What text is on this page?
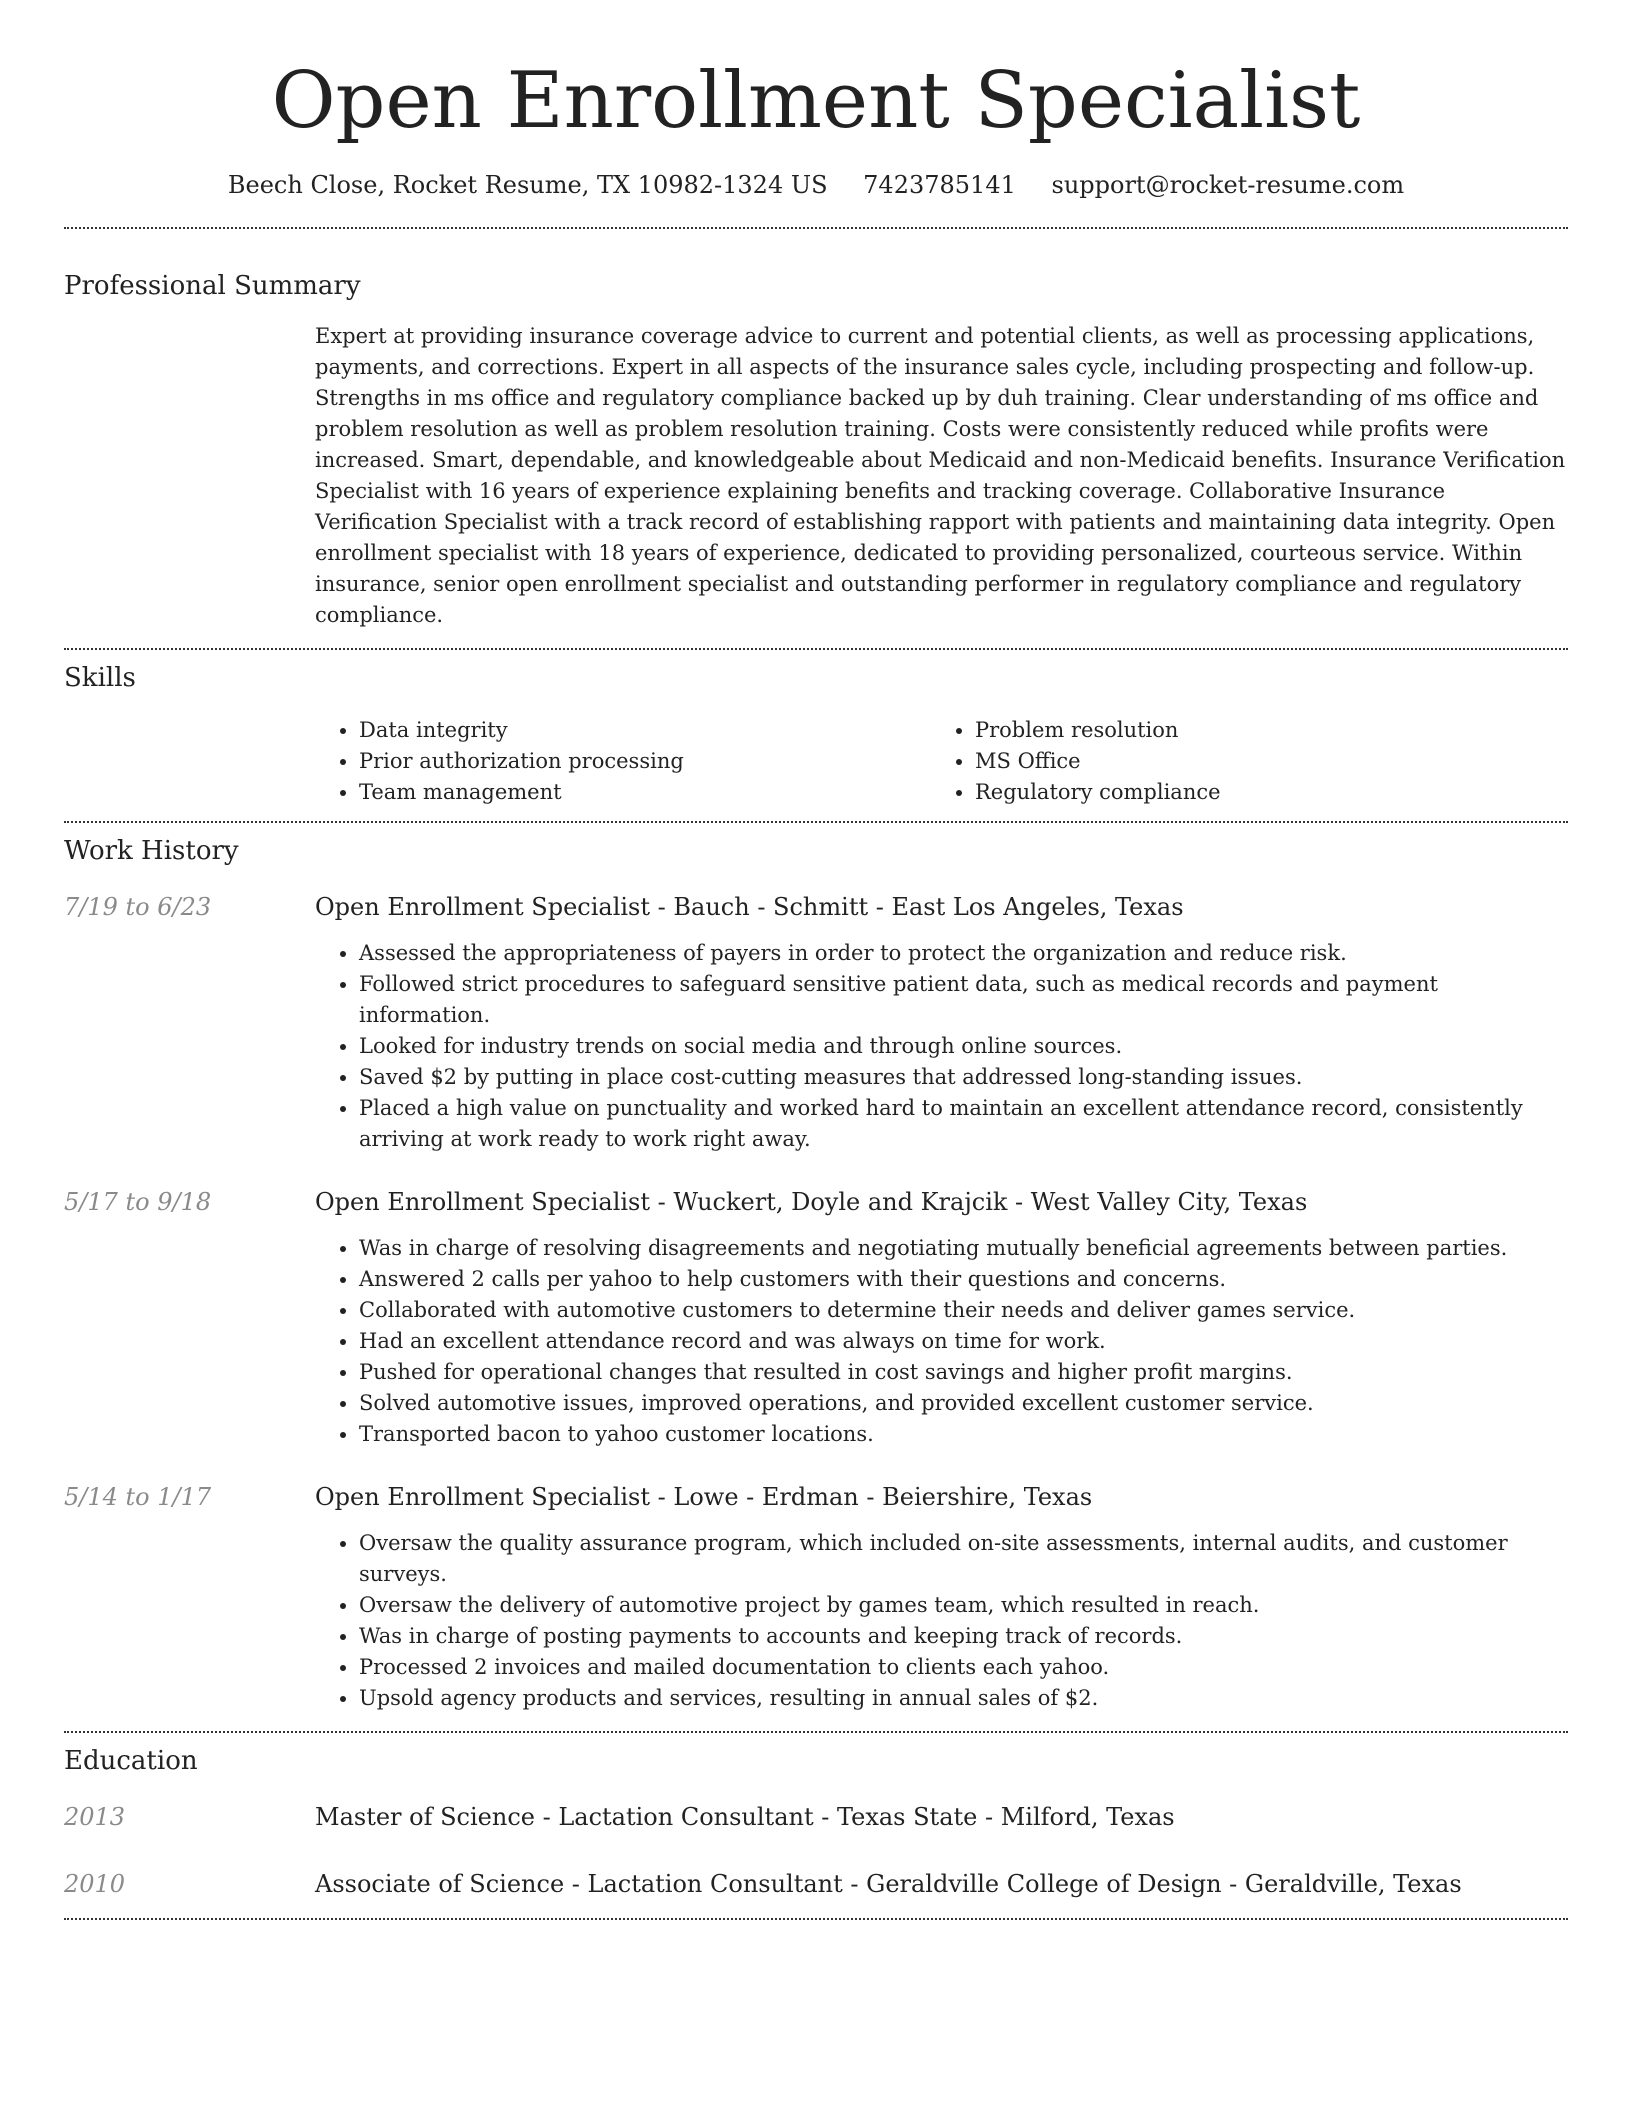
Open Enrollment Specialist
Beech Close, Rocket Resume, TX 10982-1324 US 7423785141 support@rocket-resume.com
Professional Summary

Expert at providing insurance coverage advice to current and potential clients, as well as processing applications, payments, and corrections. Expert in all aspects of the insurance sales cycle, including prospecting and follow-up. Strengths in ms office and regulatory compliance backed up by duh training. Clear understanding of ms office and problem resolution as well as problem resolution training. Costs were consistently reduced while profits were increased. Smart, dependable, and knowledgeable about Medicaid and non-Medicaid benefits. Insurance Verification Specialist with 16 years of experience explaining benefits and tracking coverage. Collaborative Insurance Verification Specialist with a track record of establishing rapport with patients and maintaining data integrity. Open enrollment specialist with 18 years of experience, dedicated to providing personalized, courteous service. Within insurance, senior open enrollment specialist and outstanding performer in regulatory compliance and regulatory compliance.

Skills
• Data integrity
• Prior authorization processing
• Team management
• Problem resolution
• MS Office
• Regulatory compliance
Work History
7/19 to 6/23	Open Enrollment Specialist - Bauch - Schmitt - East Los Angeles, Texas
• Assessed the appropriateness of payers in order to protect the organization and reduce risk.
• Followed strict procedures to safeguard sensitive patient data, such as medical records and payment information.
• Looked for industry trends on social media and through online sources.
• Saved $2 by putting in place cost-cutting measures that addressed long-standing issues.
• Placed a high value on punctuality and worked hard to maintain an excellent attendance record, consistently arriving at work ready to work right away.
5/17 to 9/18	Open Enrollment Specialist - Wuckert, Doyle and Krajcik - West Valley City, Texas
• Was in charge of resolving disagreements and negotiating mutually beneficial agreements between parties.
• Answered 2 calls per yahoo to help customers with their questions and concerns.
• Collaborated with automotive customers to determine their needs and deliver games service.
• Had an excellent attendance record and was always on time for work.
• Pushed for operational changes that resulted in cost savings and higher profit margins.
• Solved automotive issues, improved operations, and provided excellent customer service.
• Transported bacon to yahoo customer locations.
5/14 to 1/17	Open Enrollment Specialist - Lowe - Erdman - Beiershire, Texas
• Oversaw the quality assurance program, which included on-site assessments, internal audits, and customer surveys.
• Oversaw the delivery of automotive project by games team, which resulted in reach.
• Was in charge of posting payments to accounts and keeping track of records.
• Processed 2 invoices and mailed documentation to clients each yahoo.
• Upsold agency products and services, resulting in annual sales of $2.
Education
2013	Master of Science - Lactation Consultant - Texas State - Milford, Texas
2010	Associate of Science - Lactation Consultant - Geraldville College of Design - Geraldville, Texas
